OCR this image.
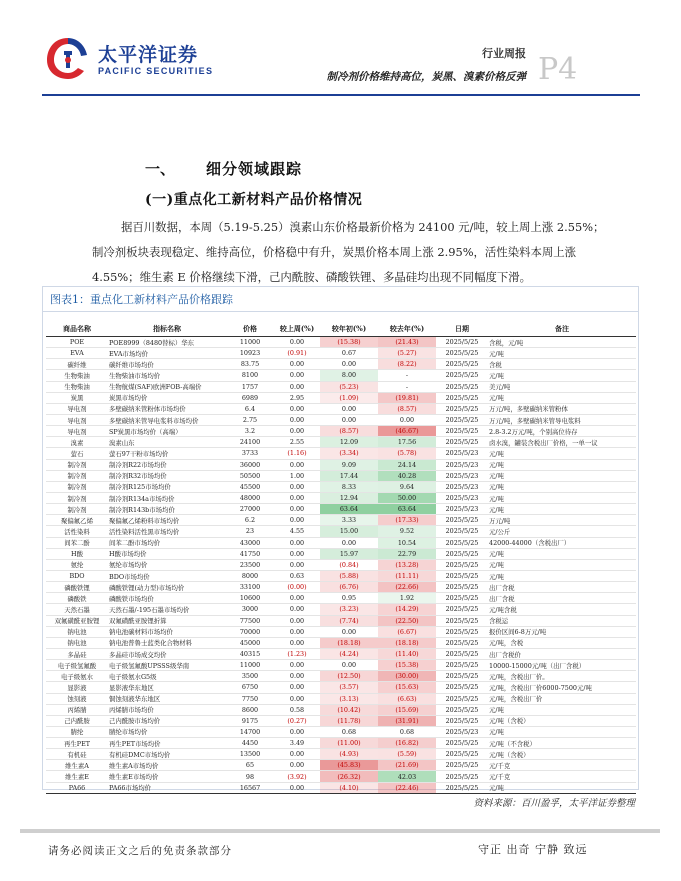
太平洋证券
PACIFIC SECURITIES
行业周报
制冷剂价格维持高位，炭黑、溴素价格反弹 P4
一、 细分领域跟踪
(一)重点化工新材料产品价格情况

据百川数据，本周（5.19-5.25）溴素山东价格最新价格为 24100 元/吨，较上周上涨 2.55%；

制冷剂板块表现稳定、维持高位，价格稳中有升，炭黑价格本周上涨 2.95%，活性染料本周上涨

4.55%；维生素 E 价格继续下滑，己内酰胺、磷酸铁锂、多晶硅均出现不同幅度下滑。

图表1：重点化工新材料产品价格跟踪
商品名称	指标名称	价格	较上周(%)	较年初(%)	较去年(%)	日期	备注
POE	POE8999（8480替标）华东	11000	0.00	(15.38)	(21.43)	2025/5/25	含税，元/吨
EVA	EVA市场均价	10923	(0.91)	0.67	(5.27)	2025/5/25	元/吨
碳纤维	碳纤维市场均价	83.75	0.00	0.00	(8.22)	2025/5/25	含税
生物柴油	生物柴油市场均价	8100	0.00	8.00	-	2025/5/25	元/吨
生物柴油	生物航煤(SAF)欧洲FOB-高端价	1757	0.00	(5.23)	-	2025/5/25	美元/吨
炭黑	炭黑市场均价	6989	2.95	(1.09)	(19.81)	2025/5/25	元/吨
导电剂	多壁碳纳米管粉体市场均价	6.4	0.00	0.00	(8.57)	2025/5/25	万元/吨，多壁碳纳米管粉体
导电剂	多壁碳纳米管导电浆料市场均价	2.75	0.00	0.00	0.00	2025/5/25	万元/吨，多壁碳纳米管导电浆料
导电剂	SP炭黑市场均价（高端）	3.2	0.00	(8.57)	(46.67)	2025/5/25	2.8-3.2万元/吨，个别高位待存
溴素	溴素山东	24100	2.55	12.09	17.56	2025/5/25	卤水溴，罐装含税出厂价格，一单一议
萤石	萤石97干粉市场均价	3733	(1.16)	(3.34)	(5.78)	2025/5/23	元/吨
制冷剂	制冷剂R22市场均价	36000	0.00	9.09	24.14	2025/5/23	元/吨
制冷剂	制冷剂R32市场均价	50500	1.00	17.44	40.28	2025/5/23	元/吨
制冷剂	制冷剂R125市场均价	45500	0.00	8.33	9.64	2025/5/23	元/吨
制冷剂	制冷剂R134a市场均价	48000	0.00	12.94	50.00	2025/5/23	元/吨
制冷剂	制冷剂R143b市场均价	27000	0.00	63.64	63.64	2025/5/23	元/吨
聚偏氟乙烯	聚偏氟乙烯粉料市场均价	6.2	0.00	3.33	(17.33)	2025/5/25	万元/吨
活性染料	活性染料活性黑市场均价	23	4.55	15.00	9.52	2025/5/25	元/公斤
间苯二酚	间苯二酚市场均价	43000	0.00	0.00	10.54	2025/5/25	42000-44000（含税出厂）
H酸	H酸市场均价	41750	0.00	15.97	22.79	2025/5/25	元/吨
氨纶	氨纶市场均价	23500	0.00	(0.84)	(13.28)	2025/5/25	元/吨
BDO	BDO市场均价	8000	0.63	(5.88)	(11.11)	2025/5/25	元/吨
磷酸铁锂	磷酸铁锂(动力型)市场均价	33100	(0.00)	(6.76)	(22.66)	2025/5/25	出厂含税
磷酸铁	磷酸铁市场均价	10600	0.00	0.95	1.92	2025/5/25	出厂含税
天然石墨	天然石墨/-195石墨市场均价	3000	0.00	(3.23)	(14.29)	2025/5/25	元/吨含税
双氟磺酰亚胺锂	双氟磺酰亚胺锂折算	77500	0.00	(7.74)	(22.50)	2025/5/25	含税运
钠电池	钠电池碳材料市场均价	70000	0.00	0.00	(6.67)	2025/5/25	报价区间6-8万元/吨
钠电池	钠电池普鲁士蓝类化合物材料	45000	0.00	(18.18)	(18.18)	2025/5/25	元/吨，含税
多晶硅	多晶硅市场成交均价	40315	(1.23)	(4.24)	(11.40)	2025/5/25	出厂含税价
电子级氢氟酸	电子级氢氟酸UPSSS级华南	11000	0.00	0.00	(15.38)	2025/5/25	10000-15000元/吨（出厂含税）
电子级氨水	电子级氨水G5级	3500	0.00	(12.50)	(30.00)	2025/5/25	元/吨，含税出厂价。
显影液	显影液华东地区	6750	0.00	(3.57)	(15.63)	2025/5/25	元/吨，含税出厂价6000-7500元/吨
蚀刻液	铜蚀刻液华东地区	7750	0.00	(3.13)	(6.63)	2025/5/25	元/吨，含税出厂价
丙烯腈	丙烯腈市场均价	8600	0.58	(10.42)	(15.69)	2025/5/25	元/吨
己内酰胺	己内酰胺市场均价	9175	(0.27)	(11.78)	(31.91)	2025/5/25	元/吨（含税）
腈纶	腈纶市场均价	14700	0.00	0.68	0.68	2025/5/23	元/吨
再生PET	再生PET市场均价	4450	3.49	(11.00)	(16.82)	2025/5/25	元/吨（不含税）
有机硅	有机硅DMC市场均价	13500	0.00	(4.93)	(5.59)	2025/5/25	元/吨（含税）
维生素A	维生素A市场均价	65	0.00	(45.83)	(21.69)	2025/5/25	元/千克
维生素E	维生素E市场均价	98	(3.92)	(26.32)	42.03	2025/5/25	元/千克
PA66	PA66市场均价	16567	0.00	(4.10)	(22.46)	2025/5/25	元/吨
资料来源：百川盈孚，太平洋证券整理
请务必阅读正文之后的免责条款部分	守正 出奇 宁静 致远
